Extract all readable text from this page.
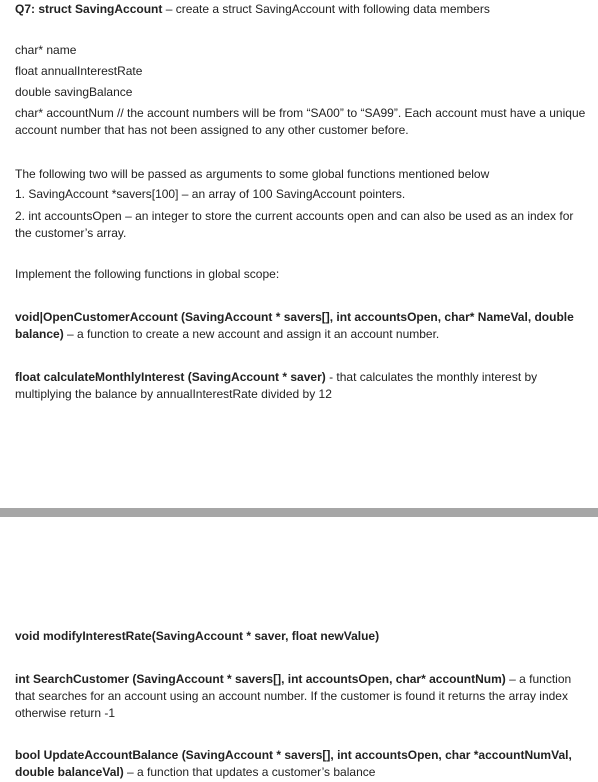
Q7: struct SavingAccount – create a struct SavingAccount with following data members
char* name
float annualInterestRate
double savingBalance
char* accountNum // the account numbers will be from “SA00” to “SA99”. Each account must have a unique account number that has not been assigned to any other customer before.
The following two will be passed as arguments to some global functions mentioned below
1. SavingAccount *savers[100] – an array of 100 SavingAccount pointers.
2. int accountsOpen – an integer to store the current accounts open and can also be used as an index for the customer’s array.
Implement the following functions in global scope:
void|OpenCustomerAccount (SavingAccount * savers[], int accountsOpen, char* NameVal, double balance) – a function to create a new account and assign it an account number.
float calculateMonthlyInterest (SavingAccount * saver) - that calculates the monthly interest by multiplying the balance by annualInterestRate divided by 12
void modifyInterestRate(SavingAccount * saver, float newValue)
int SearchCustomer (SavingAccount * savers[], int accountsOpen, char* accountNum) – a function that searches for an account using an account number. If the customer is found it returns the array index otherwise return -1
bool UpdateAccountBalance (SavingAccount * savers[], int accountsOpen, char *accountNumVal, double balanceVal) – a function that updates a customer’s balance
